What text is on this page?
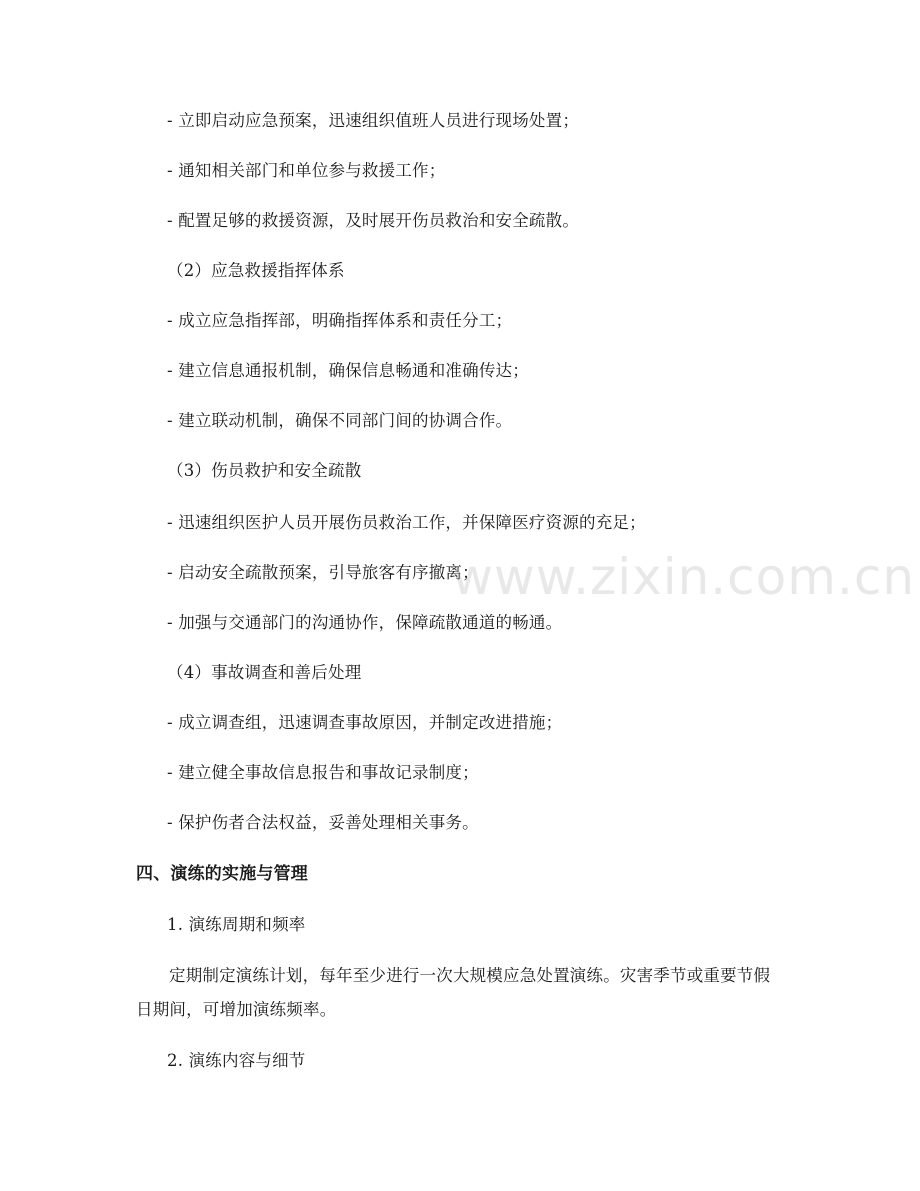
- 立即启动应急预案，迅速组织值班人员进行现场处置；
- 通知相关部门和单位参与救援工作；
- 配置足够的救援资源，及时展开伤员救治和安全疏散。
（2）应急救援指挥体系
- 成立应急指挥部，明确指挥体系和责任分工；
- 建立信息通报机制，确保信息畅通和准确传达；
- 建立联动机制，确保不同部门间的协调合作。
（3）伤员救护和安全疏散
- 迅速组织医护人员开展伤员救治工作，并保障医疗资源的充足；
- 启动安全疏散预案，引导旅客有序撤离；
- 加强与交通部门的沟通协作，保障疏散通道的畅通。
（4）事故调查和善后处理
- 成立调查组，迅速调查事故原因，并制定改进措施；
- 建立健全事故信息报告和事故记录制度；
- 保护伤者合法权益，妥善处理相关事务。
四、演练的实施与管理
1. 演练周期和频率
定期制定演练计划，每年至少进行一次大规模应急处置演练。灾害季节或重要节假日期间，可增加演练频率。
2. 演练内容与细节
www.zixin.com.cn
